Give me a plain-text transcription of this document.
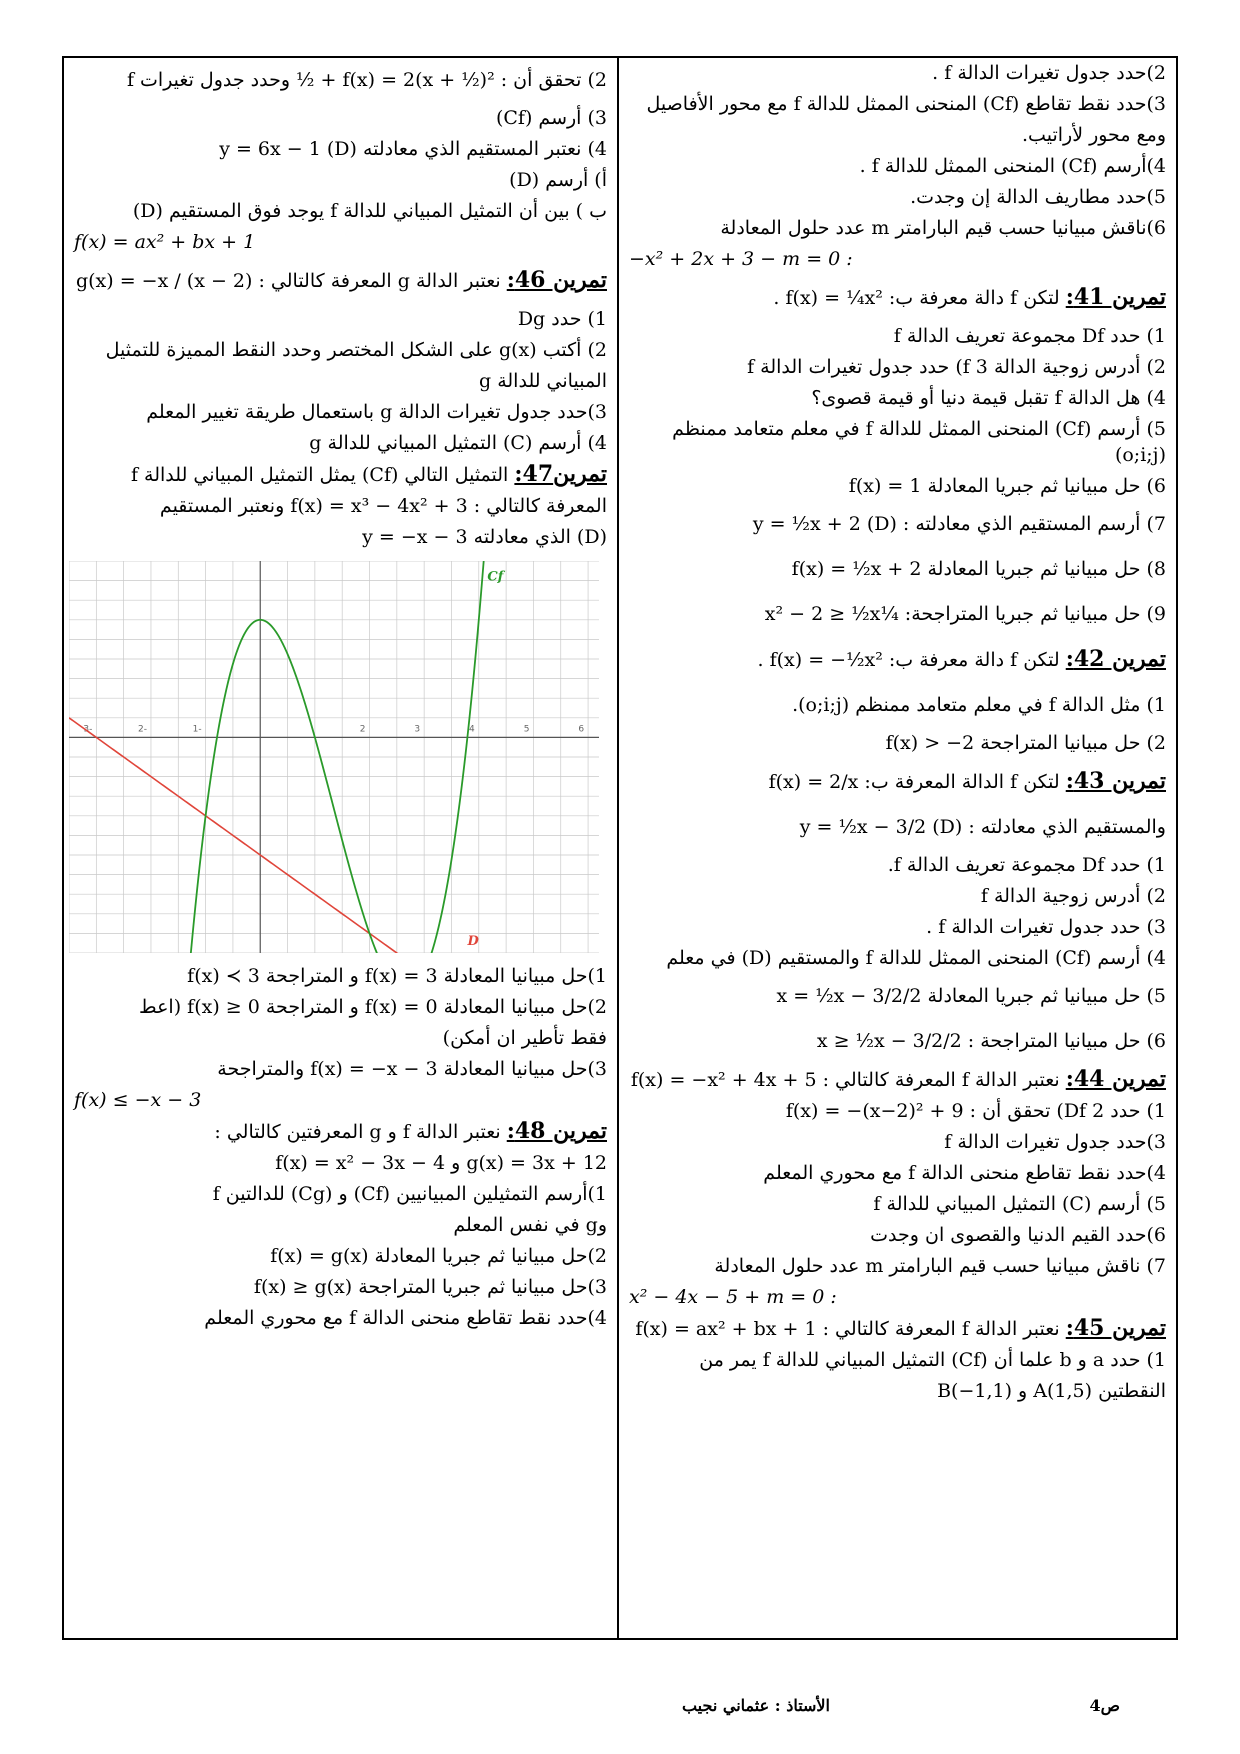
2)حدد جدول تغيرات الدالة f .
3)حدد نقط تقاطع (Cf) المنحنى الممثل للدالة f مع محور الأفاصيل
ومع محور لأراتيب.
4)أرسم (Cf) المنحنى الممثل للدالة f .
5)حدد مطاريف الدالة إن وجدت.
6)ناقش مبيانيا حسب قيم البارامتر m عدد حلول المعادلة
−x² + 2x + 3 − m = 0 :
تمرين 41: لتكن f دالة معرفة ب: f(x) = ¼x² .
1) حدد Df مجموعة تعريف الدالة f
2) أدرس زوجية الدالة f 3) حدد جدول تغيرات الدالة f
4) هل الدالة f تقبل قيمة دنيا أو قيمة قصوى؟
5) أرسم (Cf) المنحنى الممثل للدالة f في معلم متعامد ممنظم (o;i;j)
6) حل مبيانيا ثم جبريا المعادلة f(x) = 1
7) أرسم المستقيم الذي معادلته : y = ½x + 2 (D)
8) حل مبيانيا ثم جبريا المعادلة f(x) = ½x + 2
9) حل مبيانيا ثم جبريا المتراجحة: ¼x² − 2 ≥ ½x
تمرين 42: لتكن f دالة معرفة ب: f(x) = −½x² .
1) مثل الدالة f في معلم متعامد ممنظم (o;i;j).
2) حل مبيانيا المتراجحة f(x) > −2
تمرين 43: لتكن f الدالة المعرفة ب: f(x) = 2/x
والمستقيم الذي معادلته : y = ½x − 3/2 (D)
1) حدد Df مجموعة تعريف الدالة f.
2) أدرس زوجية الدالة f
3) حدد جدول تغيرات الدالة f .
4) أرسم (Cf) المنحنى الممثل للدالة f والمستقيم (D) في معلم
5) حل مبيانيا ثم جبريا المعادلة 2/x = ½x − 3/2
6) حل مبيانيا المتراجحة : 2/x ≥ ½x − 3/2
تمرين 44: نعتبر الدالة f المعرفة كالتالي : f(x) = −x² + 4x + 5
1) حدد Df 2) تحقق أن : f(x) = −(x−2)² + 9
3)حدد جدول تغيرات الدالة f
4)حدد نقط تقاطع منحنى الدالة f مع محوري المعلم
5) أرسم (C) التمثيل المبياني للدالة f
6)حدد القيم الدنيا والقصوى ان وجدت
7) ناقش مبيانيا حسب قيم البارامتر m عدد حلول المعادلة
x² − 4x − 5 + m = 0 :
تمرين 45: نعتبر الدالة f المعرفة كالتالي : f(x) = ax² + bx + 1
1) حدد a و b علما أن (Cf) التمثيل المبياني للدالة f يمر من
النقطتين A(1,5) و B(−1,1)
2) تحقق أن : f(x) = 2(x + ½)² + ½ وحدد جدول تغيرات f
3) أرسم (Cf)
4) نعتبر المستقيم الذي معادلته y = 6x − 1 (D)
أ) أرسم (D)
ب ) بين أن التمثيل المبياني للدالة f يوجد فوق المستقيم (D)
f(x) = ax² + bx + 1
تمرين 46: نعتبر الدالة g المعرفة كالتالي : g(x) = −x / (x − 2)
1) حدد Dg
2) أكتب g(x) على الشكل المختصر وحدد النقط المميزة للتمثيل
المبياني للدالة g
3)حدد جدول تغيرات الدالة g باستعمال طريقة تغيير المعلم
4) أرسم (C) التمثيل المبياني للدالة g
تمرين47: التمثيل التالي (Cf) يمثل التمثيل المبياني للدالة f
المعرفة كالتالي : f(x) = x³ − 4x² + 3 ونعتبر المستقيم
(D) الذي معادلته y = −x − 3
-3	-2	-1	2	3	4	5	6
Cf
D
1)حل مبيانيا المعادلة f(x) = 3 و المتراجحة f(x) ≺ 3
2)حل مبيانيا المعادلة f(x) = 0 و المتراجحة f(x) ≥ 0 (اعط
فقط تأطير ان أمكن)
3)حل مبيانيا المعادلة f(x) = −x − 3 والمتراجحة
f(x) ≤ −x − 3
تمرين 48: نعتبر الدالة f و g المعرفتين كالتالي :
g(x) = 3x + 12 و f(x) = x² − 3x − 4
1)أرسم التمثيلين المبيانيين (Cf) و (Cg) للدالتين f
وg في نفس المعلم
2)حل مبيانيا ثم جبريا المعادلة f(x) = g(x)
3)حل مبيانيا ثم جبريا المتراجحة f(x) ≥ g(x)
4)حدد نقط تقاطع منحنى الدالة f مع محوري المعلم
ص4
الأستاذ : عثماني نجيب
